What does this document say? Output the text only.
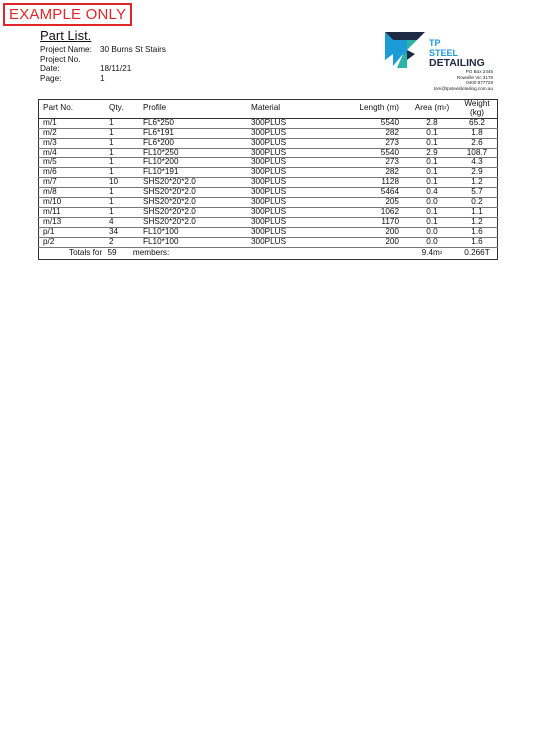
EXAMPLE ONLY
Part List.
Project Name: 30 Burns St Stairs
Project No.
Date:	18/11/21
Page:	1
TP
STEEL
DETAILING
PO Box 2445
Rowville Vic 3178
0400 977729
tom@tpsteeldetailing.com.au
Part No.	Qty.	Profile	Material	Length (m)	Area $(m^2)$	Weight (kg)
m/1	1	FL6*250	300PLUS	5540	2.8	65.2
m/2	1	FL6*191	300PLUS	282	0.1	1.8
m/3	1	FL6*200	300PLUS	273	0.1	2.6
m/4	1	FL10*250	300PLUS	5540	2.9	108.7
m/5	1	FL10*200	300PLUS	273	0.1	4.3
m/6	1	FL10*191	300PLUS	282	0.1	2.9
m/7	10	SHS20*20*2.0	300PLUS	1128	0.1	1.2
m/8	1	SHS20*20*2.0	300PLUS	5464	0.4	5.7
m/10	1	SHS20*20*2.0	300PLUS	205	0.0	0.2
m/11	1	SHS20*20*2.0	300PLUS	1062	0.1	1.1
m/13	4	SHS20*20*2.0	300PLUS	1170	0.1	1.2
p/1	34	FL10*100	300PLUS	200	0.0	1.6
p/2	2	FL10*100	300PLUS	200	0.0	1.6
Totals for 59 members:					$9.4m^2$	0.266T
